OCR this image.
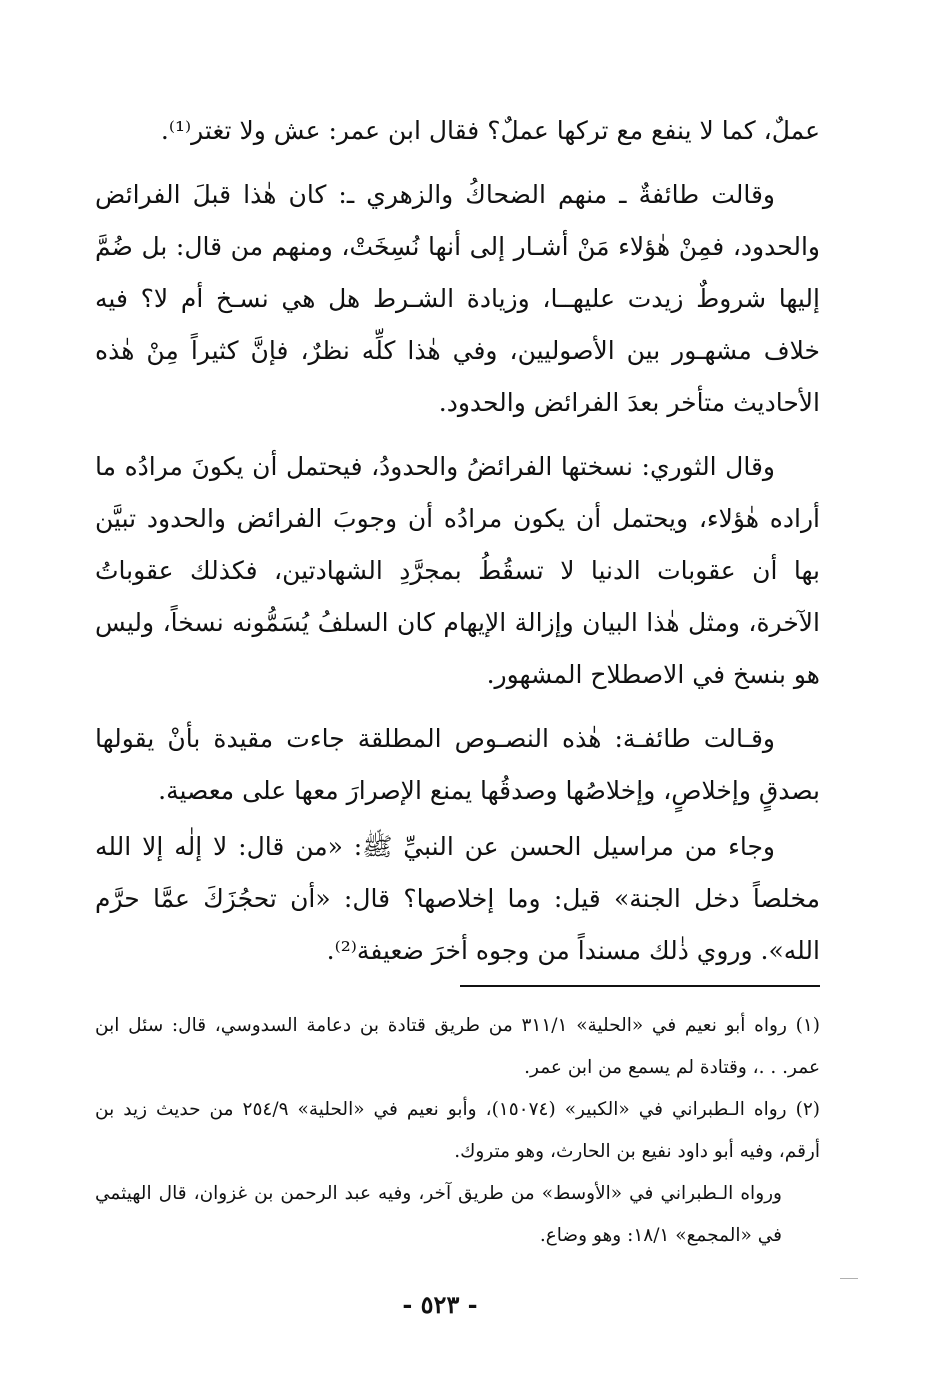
عملٌ، كما لا ينفع مع تركها عملٌ؟ فقال ابن عمر: عش ولا تغتر⁽¹⁾.

وقالت طائفةٌ ـ منهم الضحاكُ والزهري ـ: كان هٰذا قبلَ الفرائض والحدود، فمِنْ هٰؤلاء مَنْ أشـار إلى أنها نُسِخَتْ، ومنهم من قال: بل ضُمَّ إليها شروطٌ زيدت عليهــا، وزيادة الشـرط هل هي نسـخ أم لا؟ فيه خلاف مشهـور بين الأصوليين، وفي هٰذا كلِّه نظرٌ، فإنَّ كثيراً مِنْ هٰذه الأحاديث متأخر بعدَ الفرائض والحدود.

وقال الثوري: نسختها الفرائضُ والحدودُ، فيحتمل أن يكونَ مرادُه ما أراده هٰؤلاء، ويحتمل أن يكون مرادُه أن وجوبَ الفرائض والحدود تبيَّن بها أن عقوبات الدنيا لا تسقُطُ بمجرَّدِ الشهادتين، فكذلك عقوباتُ الآخرة، ومثل هٰذا البيان وإزالة الإيهام كان السلفُ يُسَمُّونه نسخاً، وليس هو بنسخ في الاصطلاح المشهور.

وقـالت طائفـة: هٰذه النصـوص المطلقة جاءت مقيدة بأنْ يقولها بصدقٍ وإخلاصٍ، وإخلاصُها وصدقُها يمنع الإصرارَ معها على معصية.

وجاء من مراسيل الحسن عن النبيِّ ﷺ: «من قال: لا إلٰه إلا الله مخلصاً دخل الجنة» قيل: وما إخلاصها؟ قال: «أن تحجُزَكَ عمَّا حرَّم الله». وروي ذٰلك مسنداً من وجوه أخرَ ضعيفة⁽²⁾.

(١) رواه أبو نعيم في «الحلية» ٣١١/١ من طريق قتادة بن دعامة السدوسي، قال: سئل ابن عمر. . .، وقتادة لم يسمع من ابن عمر.

(٢) رواه الـطبراني في «الكبير» (١٥٠٧٤)، وأبو نعيم في «الحلية» ٢٥٤/٩ من حديث زيد بن أرقم، وفيه أبو داود نفيع بن الحارث، وهو متروك.

ورواه الـطبراني في «الأوسط» من طريق آخر، وفيه عبد الرحمن بن غزوان، قال الهيثمي في «المجمع» ١٨/١: وهو وضاع.

- ٥٢٣ -
